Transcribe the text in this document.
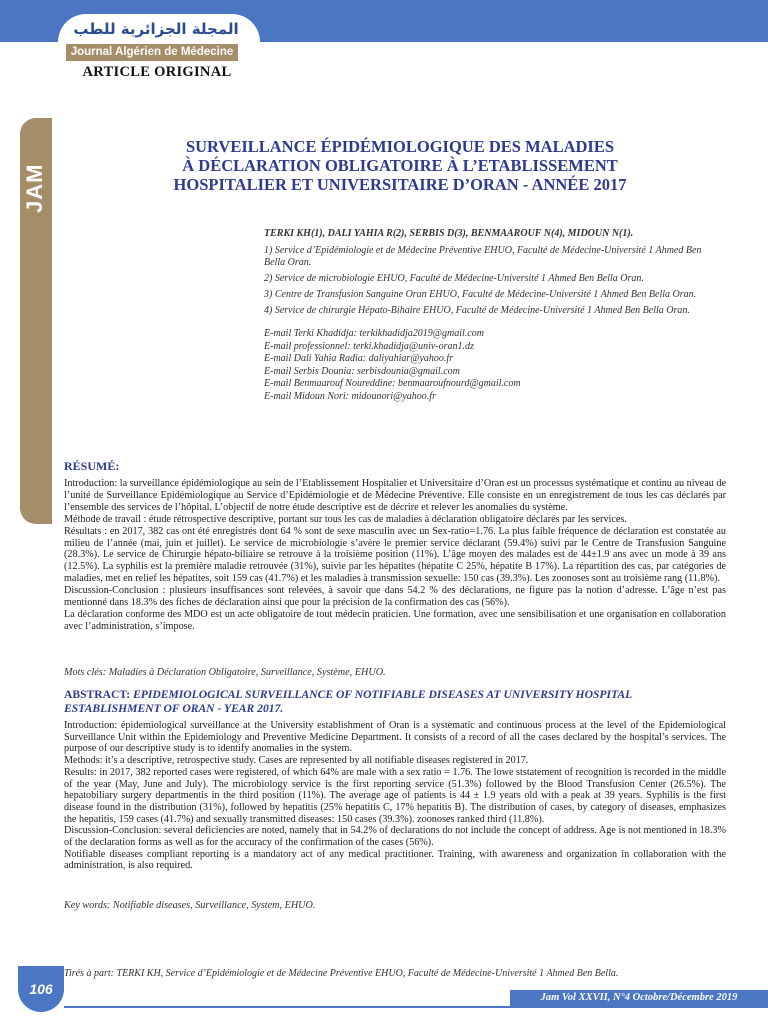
المجلة الجزائرية للطب
Journal Algérien de Médecine
ARTICLE ORIGINAL
JAM
SURVEILLANCE ÉPIDÉMIOLOGIQUE DES MALADIES
À DÉCLARATION OBLIGATOIRE À L’ETABLISSEMENT
HOSPITALIER ET UNIVERSITAIRE D’ORAN - ANNÉE 2017
TERKI KH(1), DALI YAHIA R(2), SERBIS D(3), BENMAAROUF N(4), MIDOUN N(1).
1) Service d’Epidémiologie et de Médecine Préventive EHUO, Faculté de Médecine-Université 1 Ahmed Ben Bella Oran.
2) Service de microbiologie EHUO, Faculté de Médecine-Université 1 Ahmed Ben Bella Oran.
3) Centre de Transfusion Sanguine Oran EHUO, Faculté de Médecine-Université 1 Ahmed Ben Bella Oran.
4) Service de chirurgie Hépato-Bihaire EHUO, Faculté de Médecine-Université 1 Ahmed Ben Bella Oran.
E-mail Terki Khadidja: terkikhadidja2019@gmail.com
E-mail professionnel: terki.khadidja@univ-oran1.dz
E-mail Dali Yahia Radia: daliyahiar@yahoo.fr
E-mail Serbis Dounia: serbisdounia@gmail.com
E-mail Benmaarouf Noureddine: benmaaroufnourd@gmail.com
E-mail Midoun Nori: midounori@yahoo.fr
RÉSUMÉ:

Introduction: la surveillance épidémiologique au sein de l’Etablissement Hospitalier et Universitaire d’Oran est un processus systématique et continu au niveau de l’unité de Surveillance Epidémiologique au Service d’Epidémiologie et de Médecine Préventive. Elle consiste en un enregistrement de tous les cas déclarés par l’ensemble des services de l’hôpital. L’objectif de notre étude descriptive est de décrire et relever les anomalies du système.

Méthode de travail : étude rétrospective descriptive, portant sur tous les cas de maladies à déclaration obligatoire déclarés par les services.

Résultats : en 2017, 382 cas ont été enregistrés dont 64 % sont de sexe masculin avec un Sex-ratio=1.76. La plus faible fréquence de déclaration est constatée au milieu de l’année (mai, juin et juillet). Le service de microbiologie s’avère le premier service déclarant (59.4%) suivi par le Centre de Transfusion Sanguine (28.3%). Le service de Chirurgie hépato-biliaire se retrouve à la troisième position (11%). L’âge moyen des malades est de 44±1.9 ans avec un mode à 39 ans (12.5%). La syphilis est la première maladie retrouvée (31%), suivie par les hépatites (hépatite C 25%, hépatite B 17%). La répartition des cas, par catégories de maladies, met en relief les hépatites, soit 159 cas (41.7%) et les maladies à transmission sexuelle: 150 cas (39.3%). Les zoonoses sont au troisième rang (11.8%).

Discussion-Conclusion : plusieurs insuffisances sont relevées, à savoir que dans 54.2 % des déclarations, ne figure pas la notion d’adresse. L’âge n’est pas mentionné dans 18.3% des fiches de déclaration ainsi que pour la précision de la confirmation des cas (56%).

La déclaration conforme des MDO est un acte obligatoire de tout médecin praticien. Une formation, avec une sensibilisation et une organisation en collaboration avec l’administration, s’impose.

Mots clés: Maladies à Déclaration Obligatoire, Surveillance, Système, EHUO.
ABSTRACT: EPIDEMIOLOGICAL SURVEILLANCE OF NOTIFIABLE DISEASES AT UNIVERSITY HOSPITAL ESTABLISHMENT OF ORAN - YEAR 2017.

Introduction: épidemiological surveillance at the University establishment of Oran is a systematic and continuous process at the level of the Epidemiological Surveillance Unit within the Epidemiology and Preventive Medicine Department. It consists of a record of all the cases declared by the hospital’s services. The purpose of our descriptive study is to identify anomalies in the system.

Methods: it’s a descriptive, retrospective study. Cases are represented by all notifiable diseases registered in 2017.

Results: in 2017, 382 reported cases were registered, of which 64% are male with a sex ratio = 1.76. The lowe ststatement of recognition is recorded in the middle of the year (May, June and July). The microbiology service is the first reporting service (51.3%) followed by the Blood Transfusion Center (26.5%). The hepatobiliary surgery departmentis in the third position (11%). The average age of patients is 44 ± 1.9 years old with a peak at 39 years. Syphilis is the first disease found in the distribution (31%), followed by hepatitis (25% hepatitis C, 17% hepatitis B). The distribution of cases, by category of diseases, emphasizes the hepatitis, 159 cases (41.7%) and sexually transmitted diseases: 150 cases (39.3%). zoonoses ranked third (11.8%).

Discussion-Conclusion: several deficiencies are noted, namely that in 54.2% of declarations do not include the concept of address. Age is not mentioned in 18.3% of the declaration forms as well as for the accuracy of the confirmation of the cases (56%).

Notifiable diseases compliant reporting is a mandatory act of any medical practitioner. Training, with awareness and organization in collaboration with the administration, is also required.

Key words: Notifiable diseases, Surveillance, System, EHUO.
Tirés à part: TERKI KH, Service d’Epidémiologie et de Médecine Préventive EHUO, Faculté de Médecine-Université 1 Ahmed Ben Bella.
106
Jam Vol XXVII, N°4 Octobre/Décembre 2019
